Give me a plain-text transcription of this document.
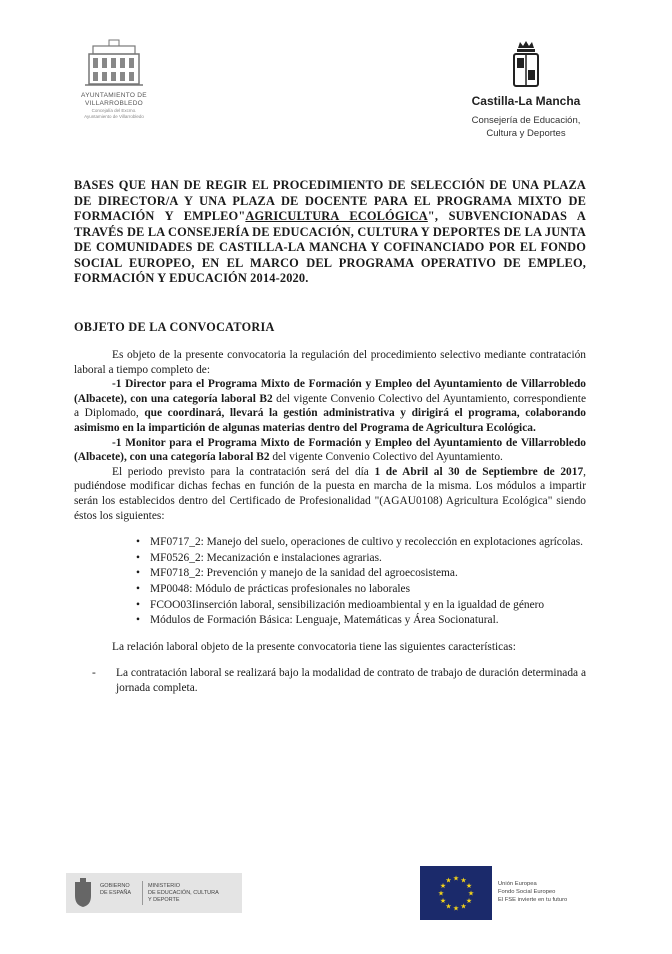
AYUNTAMIENTO DE VILLARROBLEDO
Concejalía del Excmo.
Ayuntamiento de Villarrobledo
Castilla-La Mancha
Consejería de Educación,
Cultura y Deportes
BASES QUE HAN DE REGIR EL PROCEDIMIENTO DE SELECCIÓN DE UNA PLAZA DE DIRECTOR/A Y UNA PLAZA DE DOCENTE PARA EL PROGRAMA MIXTO DE FORMACIÓN Y EMPLEO"AGRICULTURA ECOLÓGICA", SUBVENCIONADAS A TRAVÉS DE LA CONSEJERÍA DE EDUCACIÓN, CULTURA Y DEPORTES DE LA JUNTA DE COMUNIDADES DE CASTILLA-LA MANCHA Y COFINANCIADO POR EL FONDO SOCIAL EUROPEO, EN EL MARCO DEL PROGRAMA OPERATIVO DE EMPLEO, FORMACIÓN Y EDUCACIÓN 2014-2020.
OBJETO DE LA CONVOCATORIA

Es objeto de la presente convocatoria la regulación del procedimiento selectivo mediante contratación laboral a tiempo completo de:

-1 Director para el Programa Mixto de Formación y Empleo del Ayuntamiento de Villarrobledo (Albacete), con una categoría laboral B2 del vigente Convenio Colectivo del Ayuntamiento, correspondiente a Diplomado, que coordinará, llevará la gestión administrativa y dirigirá el programa, colaborando asimismo en la impartición de algunas materias dentro del Programa de Agricultura Ecológica.

-1 Monitor para el Programa Mixto de Formación y Empleo del Ayuntamiento de Villarrobledo (Albacete), con una categoría laboral B2 del vigente Convenio Colectivo del Ayuntamiento.

El periodo previsto para la contratación será del día 1 de Abril al 30 de Septiembre de 2017, pudiéndose modificar dichas fechas en función de la puesta en marcha de la misma. Los módulos a impartir serán los establecidos dentro del Certificado de Profesionalidad "(AGAU0108) Agricultura Ecológica" siendo éstos los siguientes:

• MF0717_2: Manejo del suelo, operaciones de cultivo y recolección en explotaciones agrícolas.
• MF0526_2: Mecanización e instalaciones agrarias.
• MF0718_2: Prevención y manejo de la sanidad del agroecosistema.
• MP0048: Módulo de prácticas profesionales no laborales
• FCOO03Iinserción laboral, sensibilización medioambiental y en la igualdad de género
• Módulos de Formación Básica: Lenguaje, Matemáticas y Área Socionatural.

La relación laboral objeto de la presente convocatoria tiene las siguientes características:

- La contratación laboral se realizará bajo la modalidad de contrato de trabajo de duración determinada a jornada completa.
GOBIERNO
DE ESPAÑA
MINISTERIO
DE EDUCACIÓN, CULTURA
Y DEPORTE
★ ★
★
★
★
★
★
★
★
★
★
★	Unión Europea
Fondo Social Europeo
El FSE invierte en tu futuro
